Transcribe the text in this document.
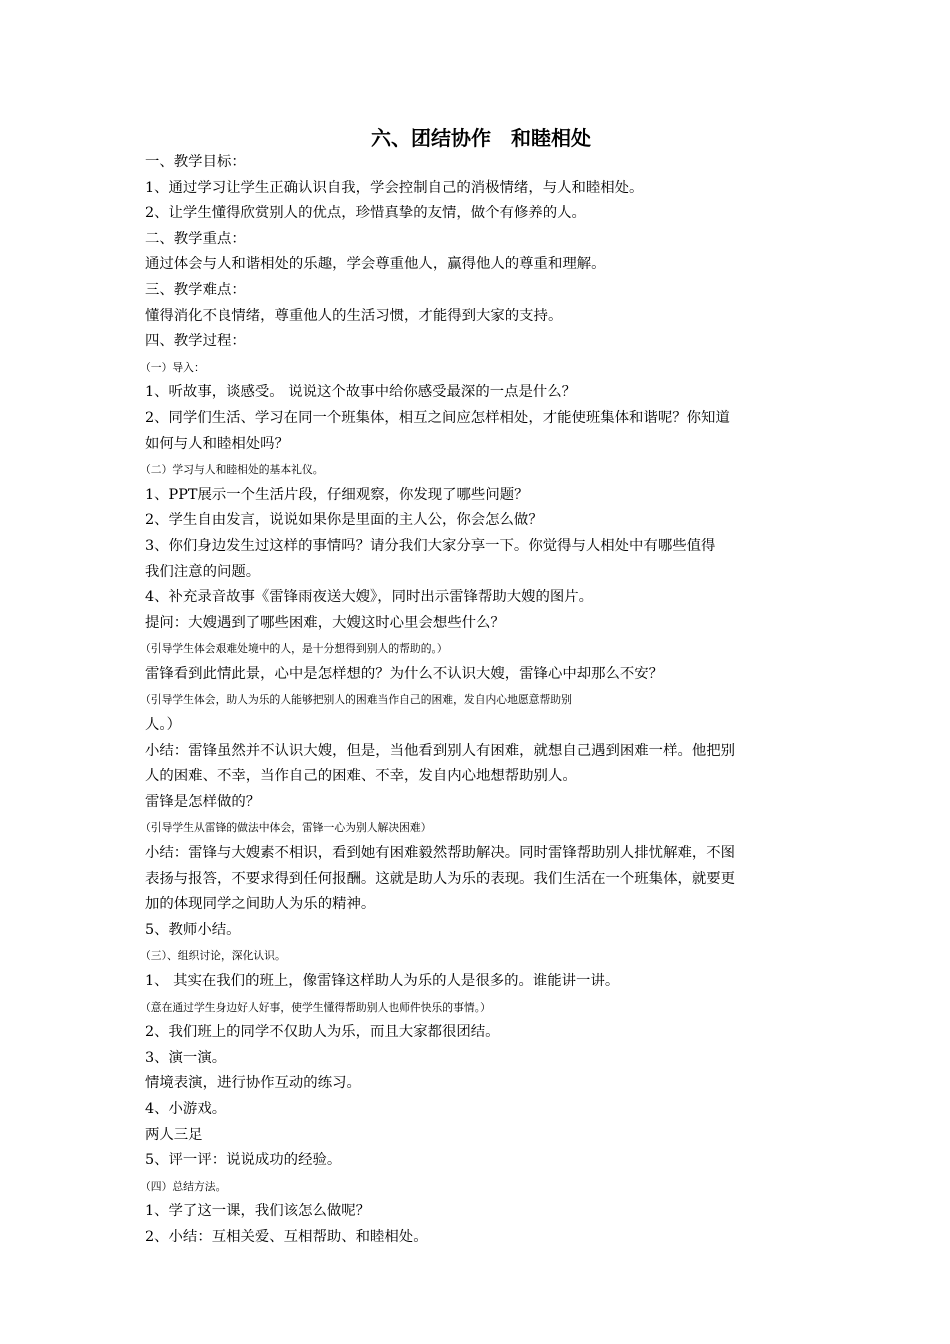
六、团结协作　和睦相处
一、教学目标：
1、通过学习让学生正确认识自我，学会控制自己的消极情绪，与人和睦相处。
2、让学生懂得欣赏别人的优点，珍惜真挚的友情，做个有修养的人。
二、教学重点：
通过体会与人和谐相处的乐趣，学会尊重他人，赢得他人的尊重和理解。
三、教学难点：
懂得消化不良情绪，尊重他人的生活习惯，才能得到大家的支持。
四、教学过程：
（一）导入：
1、听故事，谈感受。 说说这个故事中给你感受最深的一点是什么？
2、同学们生活、学习在同一个班集体，相互之间应怎样相处，才能使班集体和谐呢？你知道
如何与人和睦相处吗？
（二）学习与人和睦相处的基本礼仪。
1、PPT展示一个生活片段，仔细观察，你发现了哪些问题？
2、学生自由发言，说说如果你是里面的主人公，你会怎么做？
3、你们身边发生过这样的事情吗？请分我们大家分享一下。你觉得与人相处中有哪些值得
我们注意的问题。
4、补充录音故事《雷锋雨夜送大嫂》，同时出示雷锋帮助大嫂的图片。
提问：大嫂遇到了哪些困难，大嫂这时心里会想些什么？
（引导学生体会艰难处境中的人，是十分想得到别人的帮助的。）
雷锋看到此情此景，心中是怎样想的？为什么不认识大嫂，雷锋心中却那么不安？
（引导学生体会，助人为乐的人能够把别人的困难当作自己的困难，发自内心地愿意帮助别
人。）
小结：雷锋虽然并不认识大嫂，但是，当他看到别人有困难，就想自己遇到困难一样。他把别
人的困难、不幸，当作自己的困难、不幸，发自内心地想帮助别人。
雷锋是怎样做的？
（引导学生从雷锋的做法中体会，雷锋一心为别人解决困难）
小结：雷锋与大嫂素不相识，看到她有困难毅然帮助解决。同时雷锋帮助别人排忧解难，不图
表扬与报答，不要求得到任何报酬。这就是助人为乐的表现。我们生活在一个班集体，就要更
加的体现同学之间助人为乐的精神。
5、教师小结。
（三）、组织讨论，深化认识。
1、 其实在我们的班上，像雷锋这样助人为乐的人是很多的。谁能讲一讲。
（意在通过学生身边好人好事，使学生懂得帮助别人也师件快乐的事情。）
2、我们班上的同学不仅助人为乐，而且大家都很团结。
3、演一演。
情境表演，进行协作互动的练习。
4、小游戏。
两人三足
5、评一评：说说成功的经验。
（四）总结方法。
1、学了这一课，我们该怎么做呢？
2、小结：互相关爱、互相帮助、和睦相处。
